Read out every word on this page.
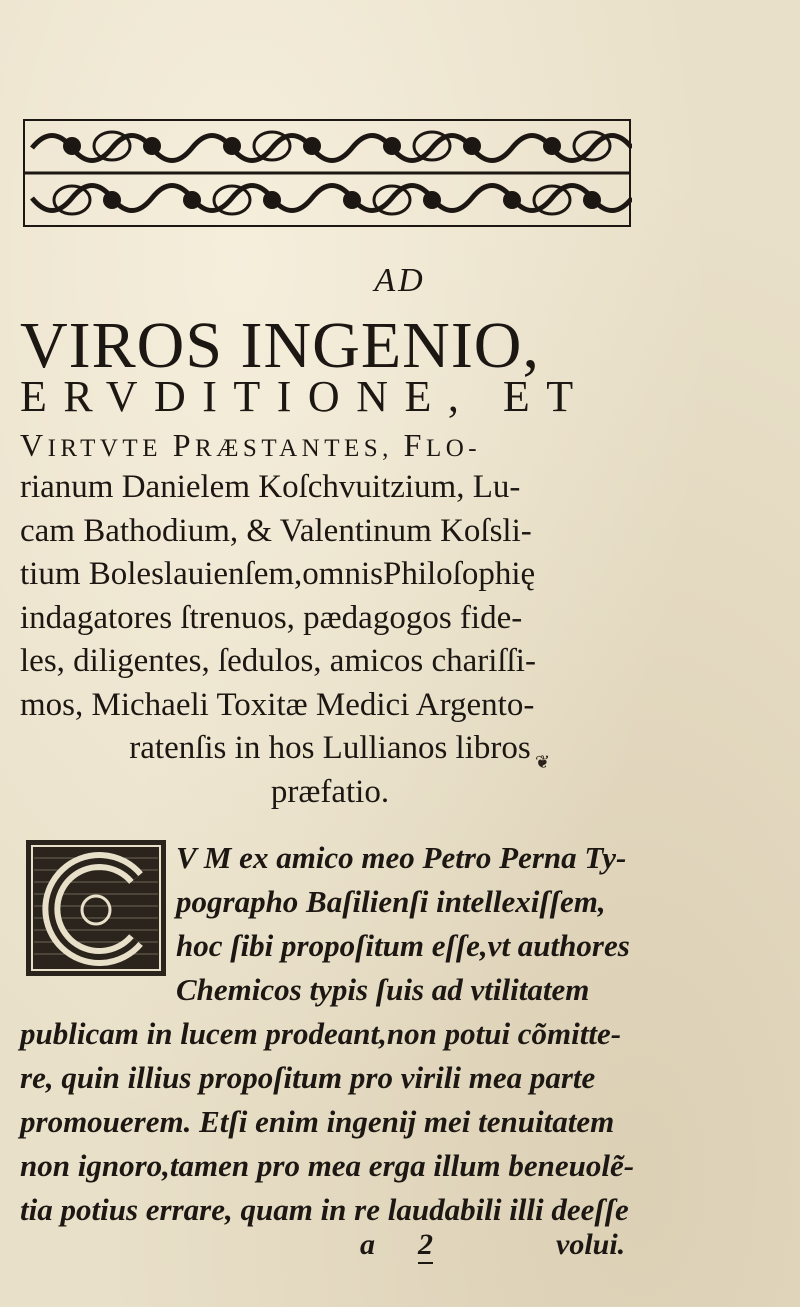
AD
VIROS INGENIO,
ERVDITIONE, ET
VIRTVTE PRÆSTANTES, FLO-
rianum Danielem Koſchvuitzium, Lu-
cam Bathodium, & Valentinum Koſsli-
tium Boleslauienſem,omnisPhiloſophię
indagatores ſtrenuos, pædagogos fide-
les, diligentes, ſedulos, amicos chariſſi-
mos, Michaeli Toxitæ Medici Argento-
ratenſis in hos Lullianos libros
præfatio.
❦
V M ex amico meo Petro Perna Ty-
pographo Baſilienſi intellexiſſem,
hoc ſibi propoſitum eſſe,vt authores
Chemicos typis ſuis ad vtilitatem
publicam in lucem prodeant,non potui cõmitte-
re, quin illius propoſitum pro virili mea parte
promouerem. Etſi enim ingenij mei tenuitatem
non ignoro,tamen pro mea erga illum beneuolẽ-
tia potius errare, quam in re laudabili illi deeſſe
a 2	volui.
